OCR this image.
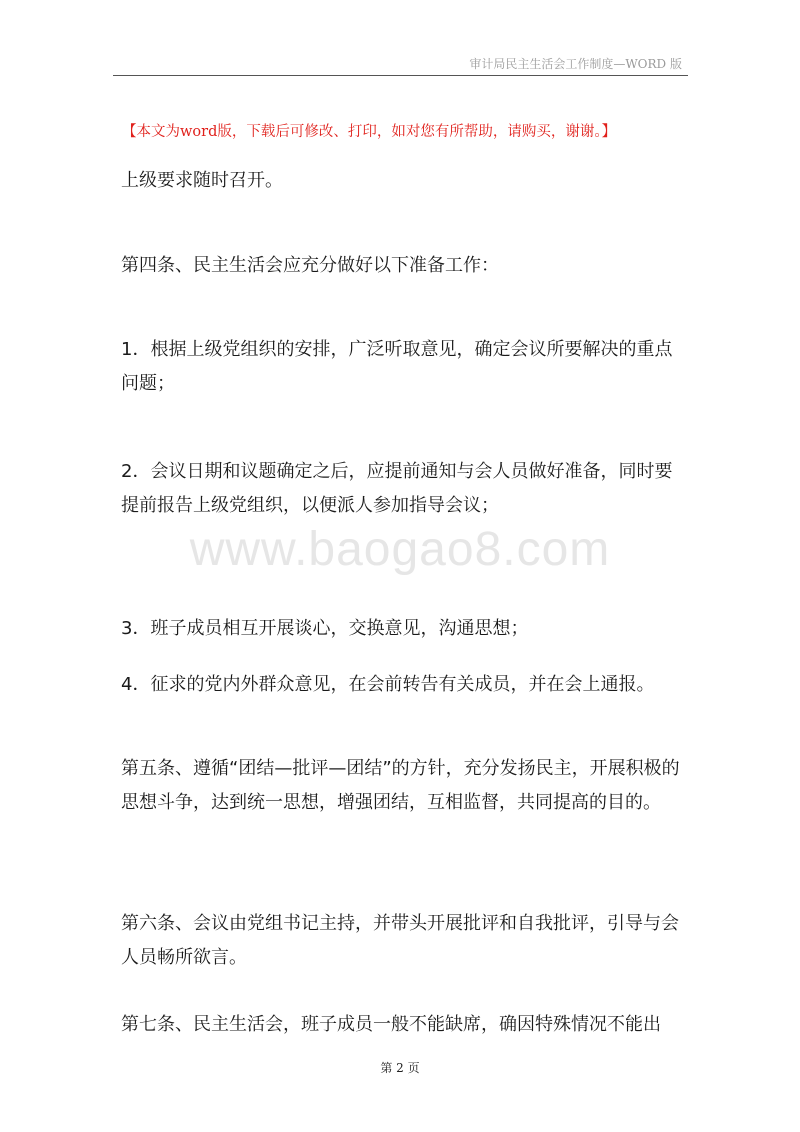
审计局民主生活会工作制度—WORD 版
【本文为word版，下载后可修改、打印，如对您有所帮助，请购买，谢谢。】
上级要求随时召开。
第四条、民主生活会应充分做好以下准备工作：
1．根据上级党组织的安排，广泛听取意见，确定会议所要解决的重点问题；
2．会议日期和议题确定之后，应提前通知与会人员做好准备，同时要提前报告上级党组织，以便派人参加指导会议；
3．班子成员相互开展谈心，交换意见，沟通思想；
4．征求的党内外群众意见，在会前转告有关成员，并在会上通报。
第五条、遵循“团结—批评—团结”的方针，充分发扬民主，开展积极的思想斗争，达到统一思想，增强团结，互相监督，共同提高的目的。
第六条、会议由党组书记主持，并带头开展批评和自我批评，引导与会人员畅所欲言。
第七条、民主生活会，班子成员一般不能缺席，确因特殊情况不能出
www.baogao8.com
第 2 页
